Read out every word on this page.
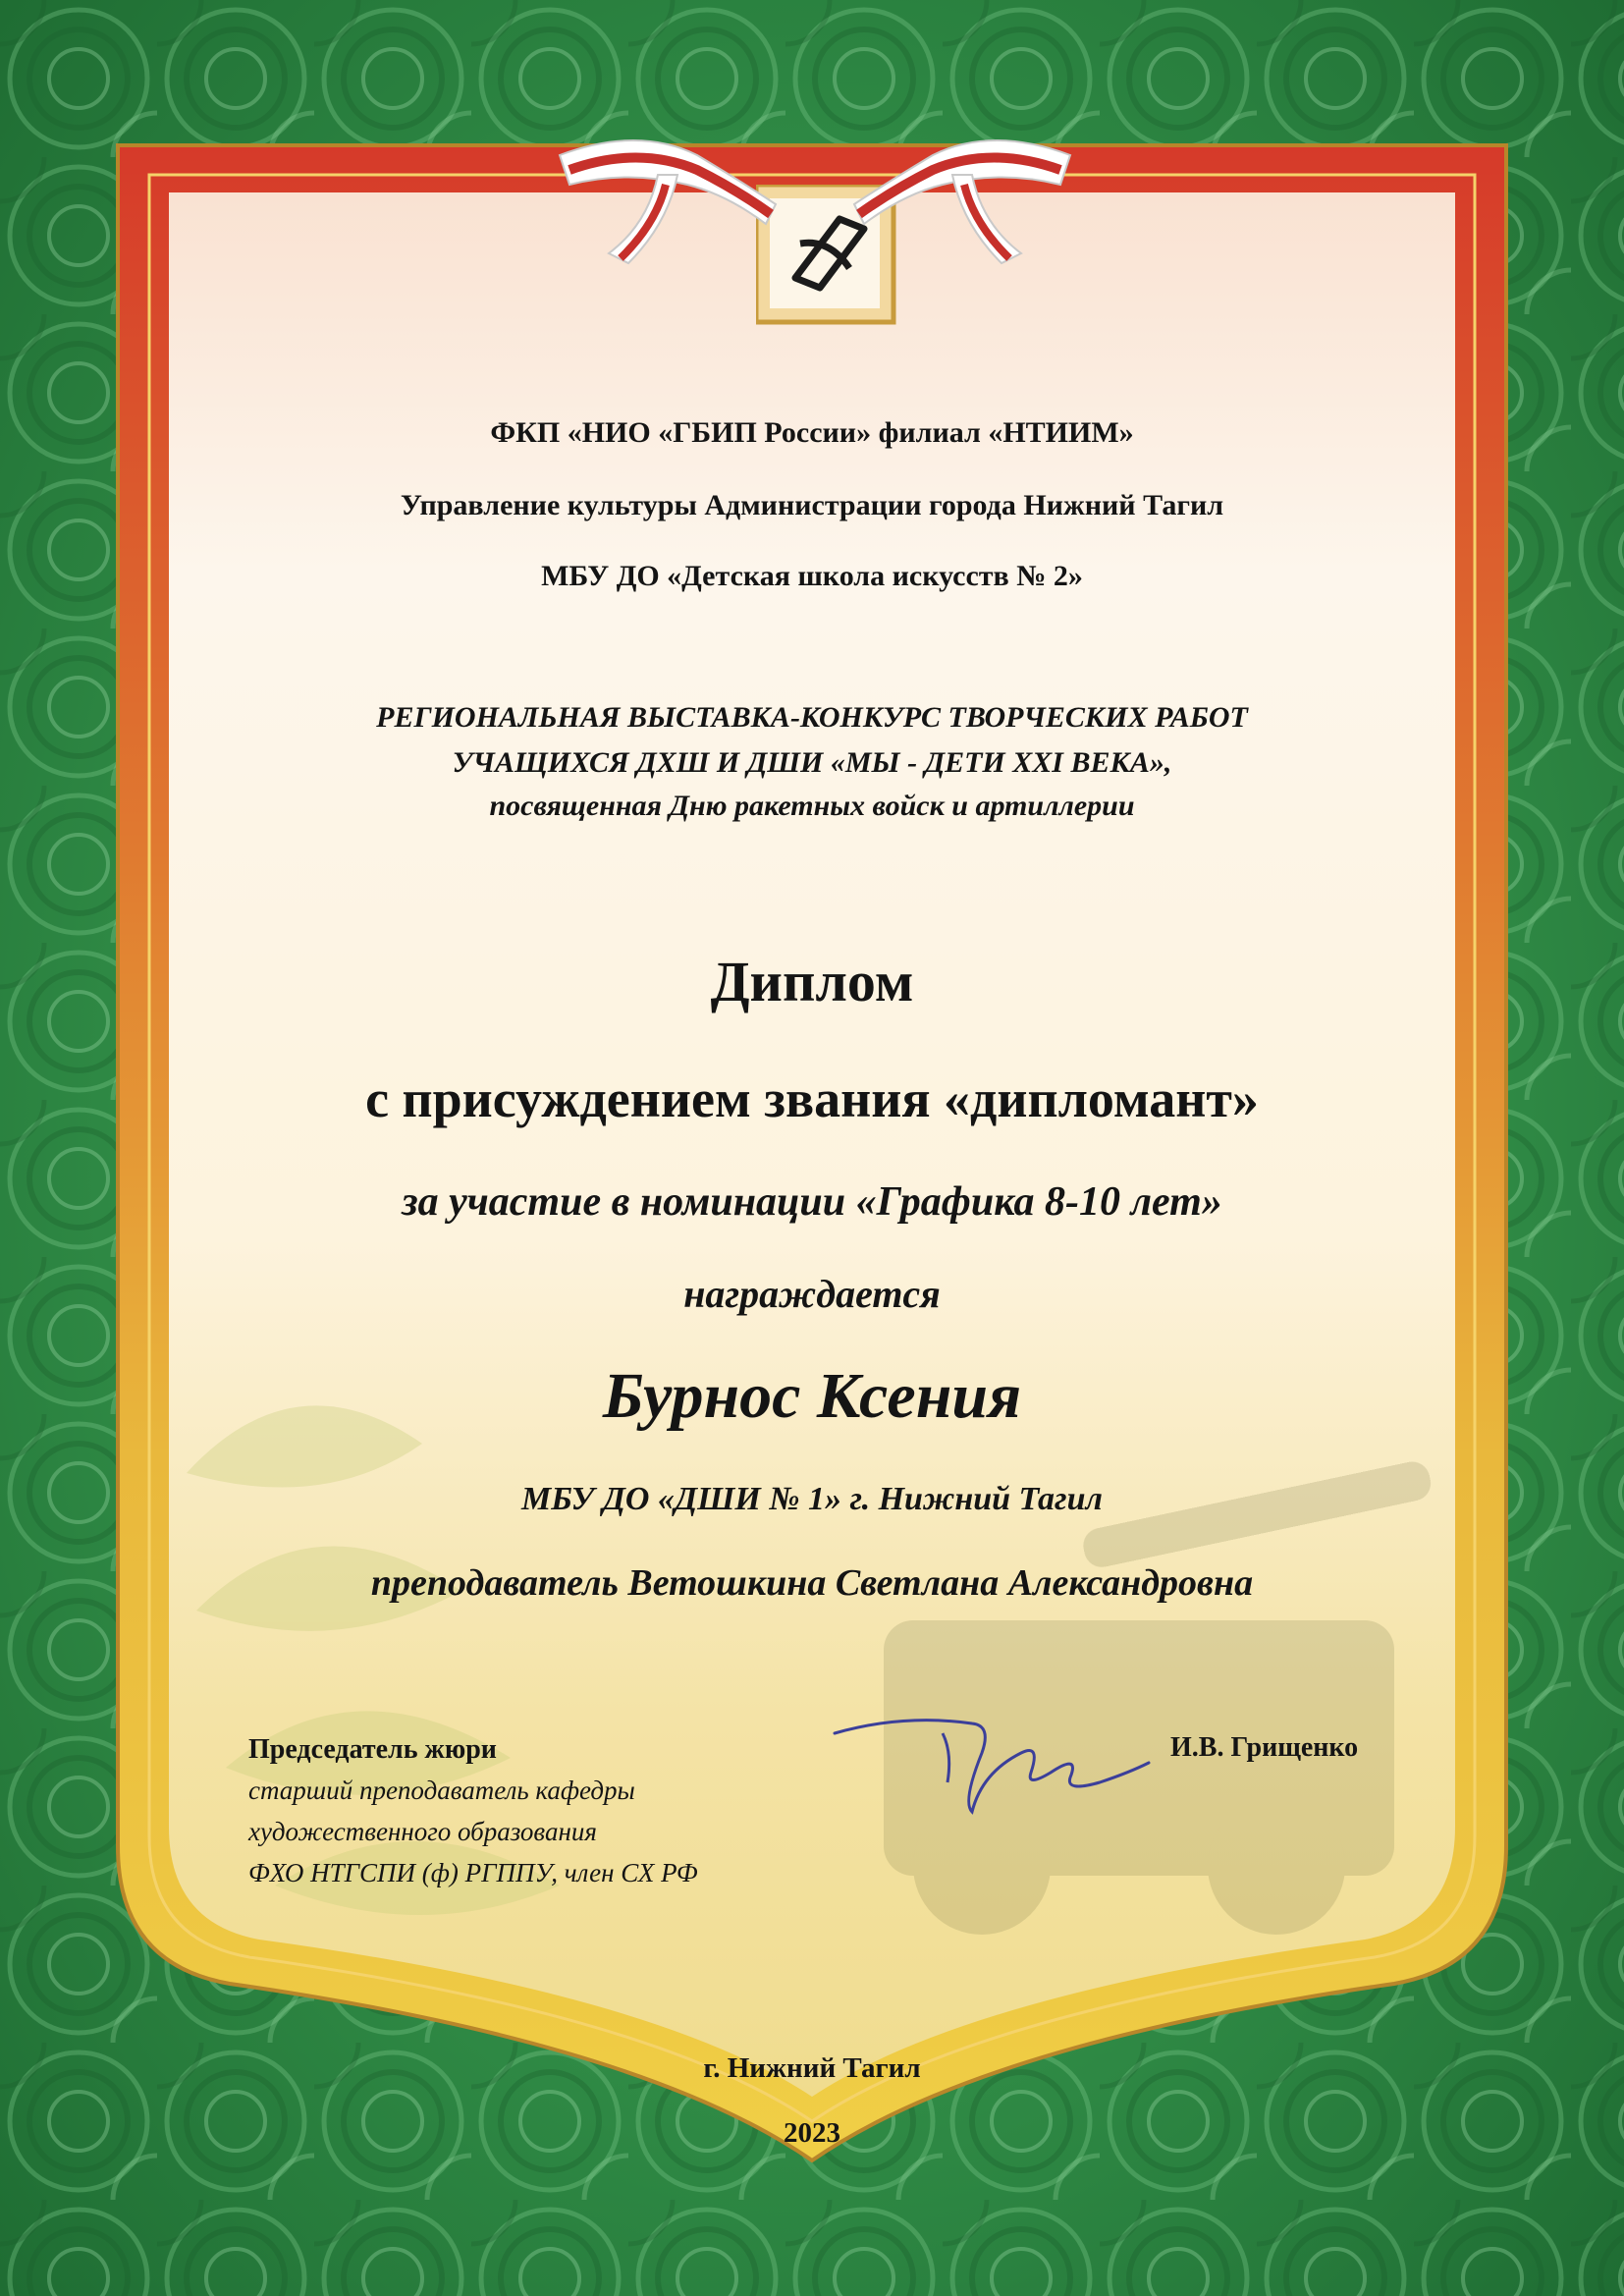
ФКП «НИО «ГБИП России» филиал «НТИИМ»
Управление культуры Администрации города Нижний Тагил
МБУ ДО «Детская школа искусств № 2»
РЕГИОНАЛЬНАЯ ВЫСТАВКА-КОНКУРС ТВОРЧЕСКИХ РАБОТ
УЧАЩИХСЯ ДХШ И ДШИ «МЫ - ДЕТИ XXI ВЕКА»,
посвященная Дню ракетных войск и артиллерии
Диплом
с присуждением звания «дипломант»
за участие в номинации «Графика 8-10 лет»
награждается
Бурнос Ксения
МБУ ДО «ДШИ № 1» г. Нижний Тагил
преподаватель Ветошкина Светлана Александровна
Председатель жюри
старший преподаватель кафедры
художественного образования
ФХО НТГСПИ (ф) РГППУ, член СХ РФ
И.В. Грищенко
г. Нижний Тагил
2023
